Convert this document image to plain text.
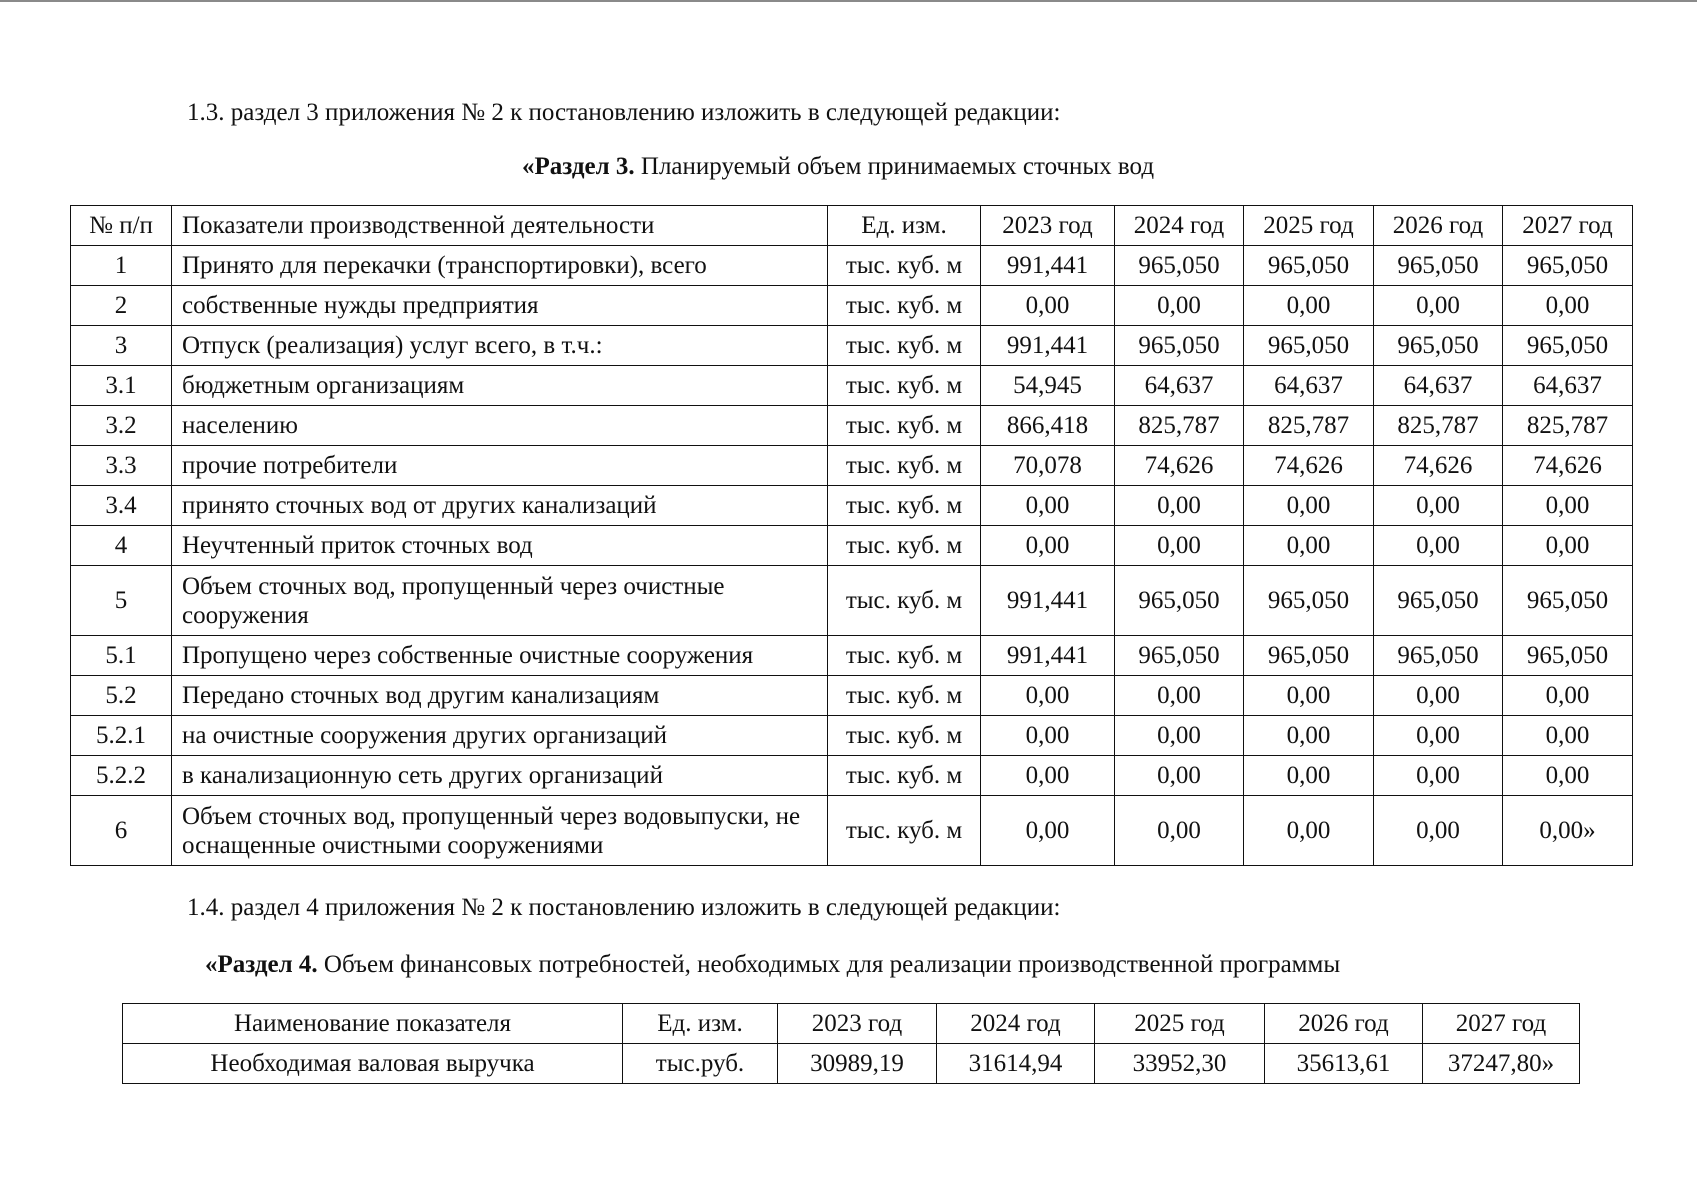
1.3. раздел 3 приложения № 2 к постановлению изложить в следующей редакции:
«Раздел 3. Планируемый объем принимаемых сточных вод
№ п/п	Показатели производственной деятельности	Ед. изм.	2023 год	2024 год	2025 год	2026 год	2027 год
1	Принято для перекачки (транспортировки), всего	тыс. куб. м	991,441	965,050	965,050	965,050	965,050
2	собственные нужды предприятия	тыс. куб. м	0,00	0,00	0,00	0,00	0,00
3	Отпуск (реализация) услуг всего, в т.ч.:	тыс. куб. м	991,441	965,050	965,050	965,050	965,050
3.1	бюджетным организациям	тыс. куб. м	54,945	64,637	64,637	64,637	64,637
3.2	населению	тыс. куб. м	866,418	825,787	825,787	825,787	825,787
3.3	прочие потребители	тыс. куб. м	70,078	74,626	74,626	74,626	74,626
3.4	принято сточных вод от других канализаций	тыс. куб. м	0,00	0,00	0,00	0,00	0,00
4	Неучтенный приток сточных вод	тыс. куб. м	0,00	0,00	0,00	0,00	0,00
5	Объем сточных вод, пропущенный через очистные сооружения	тыс. куб. м	991,441	965,050	965,050	965,050	965,050
5.1	Пропущено через собственные очистные сооружения	тыс. куб. м	991,441	965,050	965,050	965,050	965,050
5.2	Передано сточных вод другим канализациям	тыс. куб. м	0,00	0,00	0,00	0,00	0,00
5.2.1	на очистные сооружения других организаций	тыс. куб. м	0,00	0,00	0,00	0,00	0,00
5.2.2	в канализационную сеть других организаций	тыс. куб. м	0,00	0,00	0,00	0,00	0,00
6	Объем сточных вод, пропущенный через водовыпуски, не оснащенные очистными сооружениями	тыс. куб. м	0,00	0,00	0,00	0,00	0,00»
1.4. раздел 4 приложения № 2 к постановлению изложить в следующей редакции:
«Раздел 4. Объем финансовых потребностей, необходимых для реализации производственной программы
Наименование показателя	Ед. изм.	2023 год	2024 год	2025 год	2026 год	2027 год
Необходимая валовая выручка	тыс.руб.	30989,19	31614,94	33952,30	35613,61	37247,80»
